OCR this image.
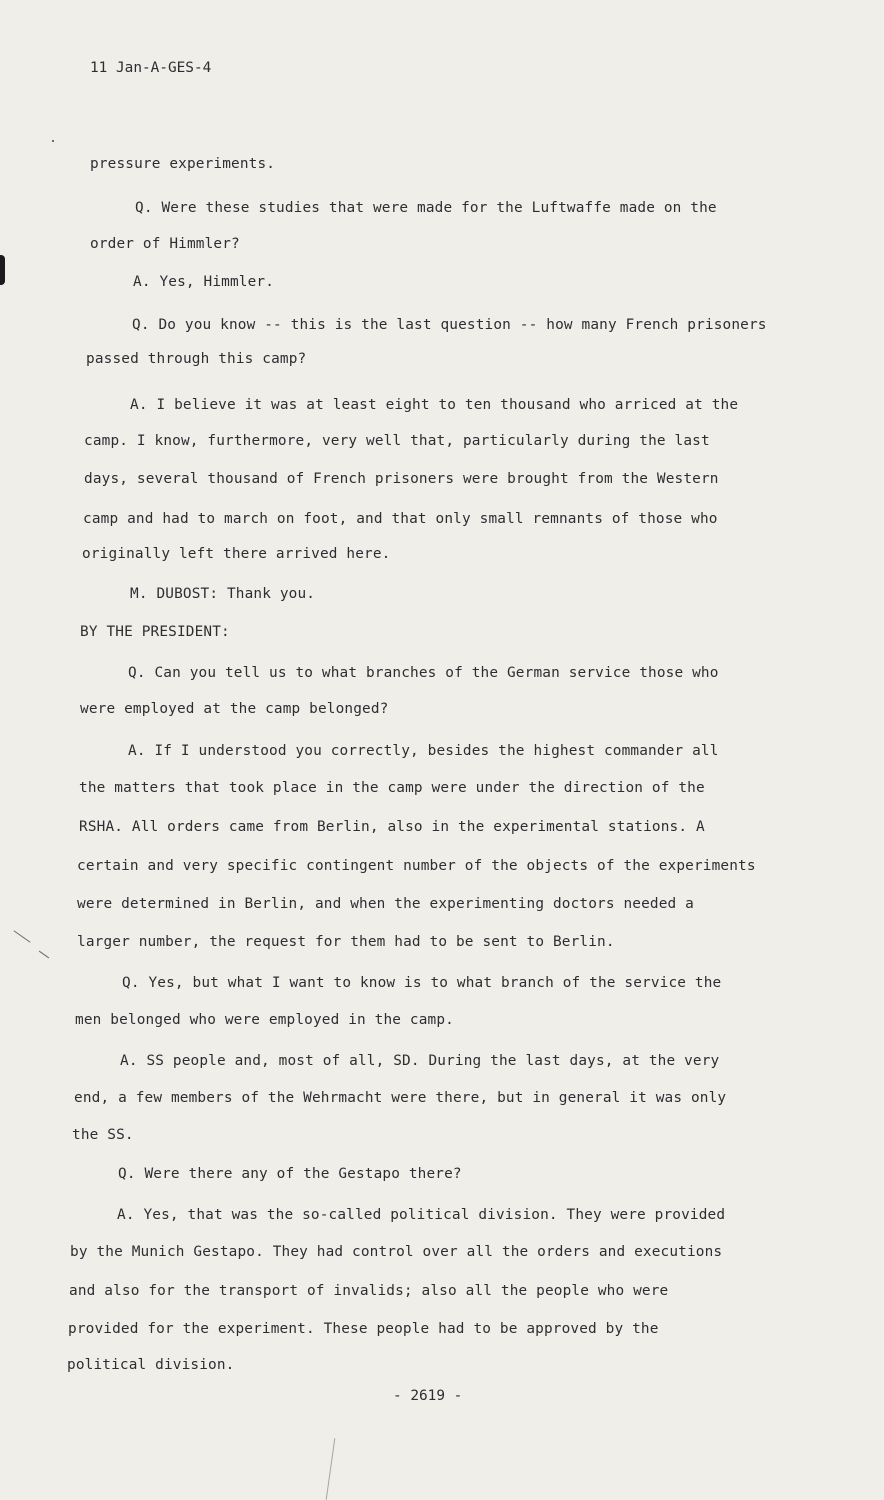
11 Jan-A-GES-4
pressure experiments.
Q. Were these studies that were made for the Luftwaffe made on the
order of Himmler?
A. Yes, Himmler.
Q. Do you know -- this is the last question -- how many French prisoners
passed through this camp?
A. I believe it was at least eight to ten thousand who arriced at the
camp. I know, furthermore, very well that, particularly during the last
days, several thousand of French prisoners were brought from the Western
camp and had to march on foot, and that only small remnants of those who
originally left there arrived here.
M. DUBOST: Thank you.
BY THE PRESIDENT:
Q. Can you tell us to what branches of the German service those who
were employed at the camp belonged?
A. If I understood you correctly, besides the highest commander all
the matters that took place in the camp were under the direction of the
RSHA. All orders came from Berlin, also in the experimental stations. A
certain and very specific contingent number of the objects of the experiments
were determined in Berlin, and when the experimenting doctors needed a
larger number, the request for them had to be sent to Berlin.
Q. Yes, but what I want to know is to what branch of the service the
men belonged who were employed in the camp.
A. SS people and, most of all, SD. During the last days, at the very
end, a few members of the Wehrmacht were there, but in general it was only
the SS.
Q. Were there any of the Gestapo there?
A. Yes, that was the so-called political division. They were provided
by the Munich Gestapo. They had control over all the orders and executions
and also for the transport of invalids; also all the people who were
provided for the experiment. These people had to be approved by the
political division.
- 2619 -
